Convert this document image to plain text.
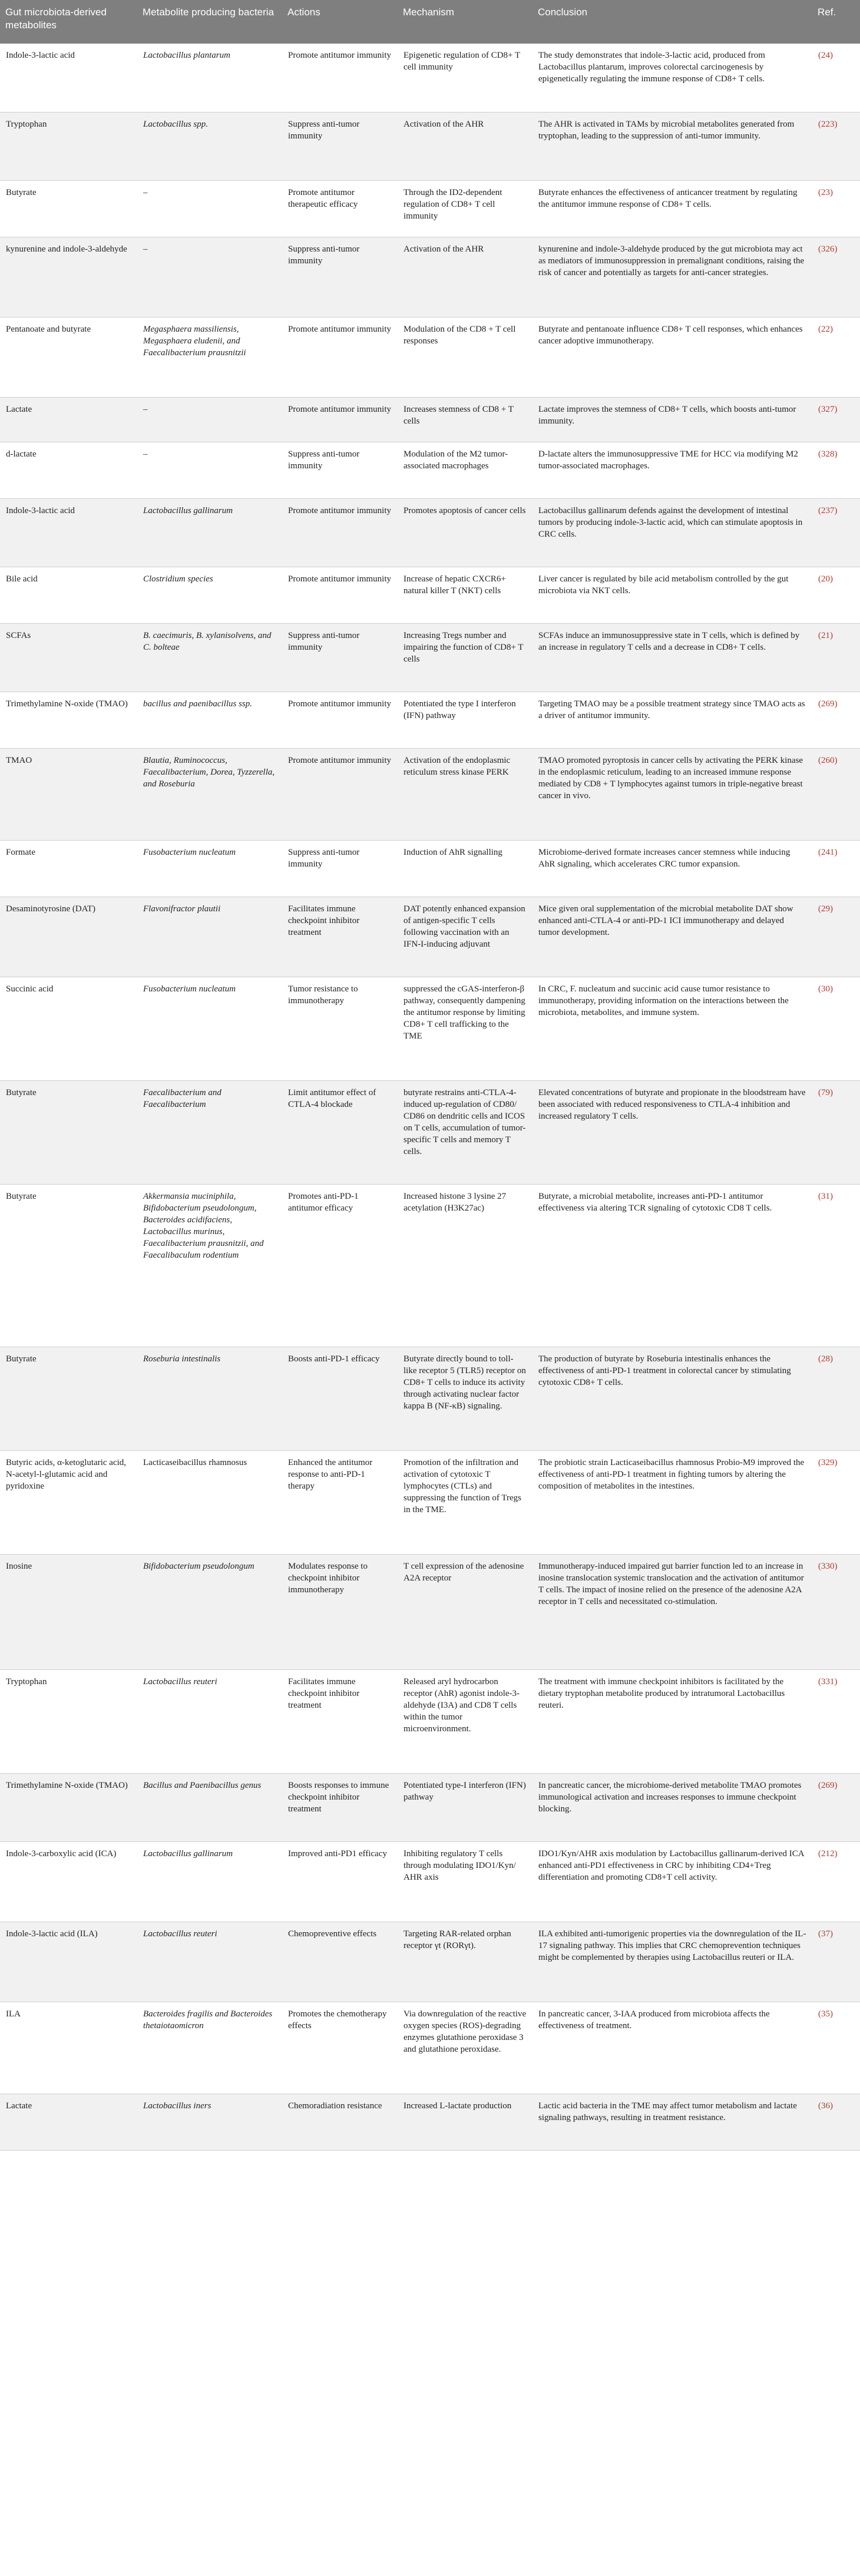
Gut microbiota-derived metabolites	Metabolite producing bacteria	Actions	Mechanism	Conclusion	Ref.
Indole-3-lactic acid	Lactobacillus plantarum	Promote antitumor immunity	Epigenetic regulation of CD8+ T cell immunity	The study demonstrates that indole-3-lactic acid, produced from Lactobacillus plantarum, improves colorectal carcinogenesis by epigenetically regulating the immune response of CD8+ T cells.	(24)
Tryptophan	Lactobacillus spp.	Suppress anti-tumor immunity	Activation of the AHR	The AHR is activated in TAMs by microbial metabolites generated from tryptophan, leading to the suppression of anti-tumor immunity.	(223)
Butyrate	–	Promote antitumor therapeutic efficacy	Through the ID2-dependent regulation of CD8+ T cell immunity	Butyrate enhances the effectiveness of anticancer treatment by regulating the antitumor immune response of CD8+ T cells.	(23)
kynurenine and indole-3-aldehyde	–	Suppress anti-tumor immunity	Activation of the AHR	kynurenine and indole-3-aldehyde produced by the gut microbiota may act as mediators of immunosuppression in premalignant conditions, raising the risk of cancer and potentially as targets for anti-cancer strategies.	(326)
Pentanoate and butyrate	Megasphaera massiliensis, Megasphaera eludenii, and Faecalibacterium prausnitzii	Promote antitumor immunity	Modulation of the CD8 + T cell responses	Butyrate and pentanoate influence CD8+ T cell responses, which enhances cancer adoptive immunotherapy.	(22)
Lactate	–	Promote antitumor immunity	Increases stemness of CD8 + T cells	Lactate improves the stemness of CD8+ T cells, which boosts anti-tumor immunity.	(327)
d-lactate	–	Suppress anti-tumor immunity	Modulation of the M2 tumor-associated macrophages	D-lactate alters the immunosuppressive TME for HCC via modifying M2 tumor-associated macrophages.	(328)
Indole-3-lactic acid	Lactobacillus gallinarum	Promote antitumor immunity	Promotes apoptosis of cancer cells	Lactobacillus gallinarum defends against the development of intestinal tumors by producing indole-3-lactic acid, which can stimulate apoptosis in CRC cells.	(237)
Bile acid	Clostridium species	Promote antitumor immunity	Increase of hepatic CXCR6+ natural killer T (NKT) cells	Liver cancer is regulated by bile acid metabolism controlled by the gut microbiota via NKT cells.	(20)
SCFAs	B. caecimuris, B. xylanisolvens, and C. bolteae	Suppress anti-tumor immunity	Increasing Tregs number and impairing the function of CD8+ T cells	SCFAs induce an immunosuppressive state in T cells, which is defined by an increase in regulatory T cells and a decrease in CD8+ T cells.	(21)
Trimethylamine N-oxide (TMAO)	bacillus and paenibacillus ssp.	Promote antitumor immunity	Potentiated the type I interferon (IFN) pathway	Targeting TMAO may be a possible treatment strategy since TMAO acts as a driver of antitumor immunity.	(269)
TMAO	Blautia, Ruminococcus, Faecalibacterium, Dorea, Tyzzerella, and Roseburia	Promote antitumor immunity	Activation of the endoplasmic reticulum stress kinase PERK	TMAO promoted pyroptosis in cancer cells by activating the PERK kinase in the endoplasmic reticulum, leading to an increased immune response mediated by CD8 + T lymphocytes against tumors in triple-negative breast cancer in vivo.	(260)
Formate	Fusobacterium nucleatum	Suppress anti-tumor immunity	Induction of AhR signalling	Microbiome-derived formate increases cancer stemness while inducing AhR signaling, which accelerates CRC tumor expansion.	(241)
Desaminotyrosine (DAT)	Flavonifractor plautii	Facilitates immune checkpoint inhibitor treatment	DAT potently enhanced expansion of antigen-specific T cells following vaccination with an IFN-I-inducing adjuvant	Mice given oral supplementation of the microbial metabolite DAT show enhanced anti-CTLA-4 or anti-PD-1 ICI immunotherapy and delayed tumor development.	(29)
Succinic acid	Fusobacterium nucleatum	Tumor resistance to immunotherapy	suppressed the cGAS-interferon-β pathway, consequently dampening the antitumor response by limiting CD8+ T cell trafficking to the TME	In CRC, F. nucleatum and succinic acid cause tumor resistance to immunotherapy, providing information on the interactions between the microbiota, metabolites, and immune system.	(30)
Butyrate	Faecalibacterium and Faecalibacterium	Limit antitumor effect of CTLA-4 blockade	butyrate restrains anti-CTLA-4-induced up-regulation of CD80/ CD86 on dendritic cells and ICOS on T cells, accumulation of tumor-specific T cells and memory T cells.	Elevated concentrations of butyrate and propionate in the bloodstream have been associated with reduced responsiveness to CTLA-4 inhibition and increased regulatory T cells.	(79)
Butyrate	Akkermansia muciniphila, Bifidobacterium pseudolongum, Bacteroides acidifaciens, Lactobacillus murinus, Faecalibacterium prausnitzii, and Faecalibaculum rodentium	Promotes anti-PD-1 antitumor efficacy	Increased histone 3 lysine 27 acetylation (H3K27ac)	Butyrate, a microbial metabolite, increases anti-PD-1 antitumor effectiveness via altering TCR signaling of cytotoxic CD8 T cells.	(31)
Butyrate	Roseburia intestinalis	Boosts anti-PD-1 efficacy	Butyrate directly bound to toll-like receptor 5 (TLR5) receptor on CD8+ T cells to induce its activity through activating nuclear factor kappa B (NF-κB) signaling.	The production of butyrate by Roseburia intestinalis enhances the effectiveness of anti-PD-1 treatment in colorectal cancer by stimulating cytotoxic CD8+ T cells.	(28)
Butyric acids, α-ketoglutaric acid, N-acetyl-l-glutamic acid and pyridoxine	Lacticaseibacillus rhamnosus	Enhanced the antitumor response to anti-PD-1 therapy	Promotion of the infiltration and activation of cytotoxic T lymphocytes (CTLs) and suppressing the function of Tregs in the TME.	The probiotic strain Lacticaseibacillus rhamnosus Probio-M9 improved the effectiveness of anti-PD-1 treatment in fighting tumors by altering the composition of metabolites in the intestines.	(329)
Inosine	Bifidobacterium pseudolongum	Modulates response to checkpoint inhibitor immunotherapy	T cell expression of the adenosine A2A receptor	Immunotherapy-induced impaired gut barrier function led to an increase in inosine translocation systemic translocation and the activation of antitumor T cells. The impact of inosine relied on the presence of the adenosine A2A receptor in T cells and necessitated co-stimulation.	(330)
Tryptophan	Lactobacillus reuteri	Facilitates immune checkpoint inhibitor treatment	Released aryl hydrocarbon receptor (AhR) agonist indole-3-aldehyde (I3A) and CD8 T cells within the tumor microenvironment.	The treatment with immune checkpoint inhibitors is facilitated by the dietary tryptophan metabolite produced by intratumoral Lactobacillus reuteri.	(331)
Trimethylamine N-oxide (TMAO)	Bacillus and Paenibacillus genus	Boosts responses to immune checkpoint inhibitor treatment	Potentiated type-I interferon (IFN) pathway	In pancreatic cancer, the microbiome-derived metabolite TMAO promotes immunological activation and increases responses to immune checkpoint blocking.	(269)
Indole-3-carboxylic acid (ICA)	Lactobacillus gallinarum	Improved anti-PD1 efficacy	Inhibiting regulatory T cells through modulating IDO1/Kyn/ AHR axis	IDO1/Kyn/AHR axis modulation by Lactobacillus gallinarum-derived ICA enhanced anti-PD1 effectiveness in CRC by inhibiting CD4+Treg differentiation and promoting CD8+T cell activity.	(212)
Indole-3-lactic acid (ILA)	Lactobacillus reuteri	Chemopreventive effects	Targeting RAR-related orphan receptor γt (RORγt).	ILA exhibited anti-tumorigenic properties via the downregulation of the IL-17 signaling pathway. This implies that CRC chemoprevention techniques might be complemented by therapies using Lactobacillus reuteri or ILA.	(37)
ILA	Bacteroides fragilis and Bacteroides thetaiotaomicron	Promotes the chemotherapy effects	Via downregulation of the reactive oxygen species (ROS)-degrading enzymes glutathione peroxidase 3 and glutathione peroxidase.	In pancreatic cancer, 3-IAA produced from microbiota affects the effectiveness of treatment.	(35)
Lactate	Lactobacillus iners	Chemoradiation resistance	Increased L-lactate production	Lactic acid bacteria in the TME may affect tumor metabolism and lactate signaling pathways, resulting in treatment resistance.	(36)
